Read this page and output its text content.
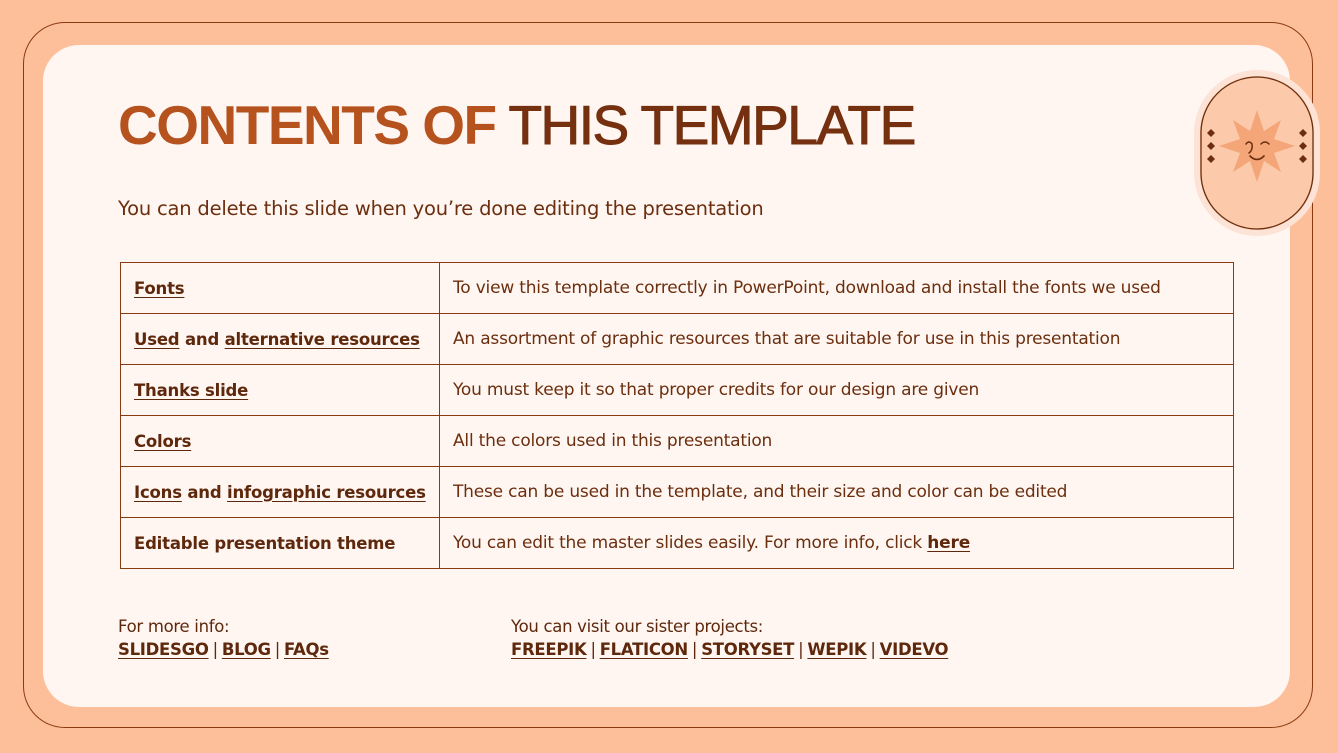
CONTENTS OF THIS TEMPLATE
You can delete this slide when you’re done editing the presentation
Fonts	To view this template correctly in PowerPoint, download and install the fonts we used
Used and alternative resources	An assortment of graphic resources that are suitable for use in this presentation
Thanks slide	You must keep it so that proper credits for our design are given
Colors	All the colors used in this presentation
Icons and infographic resources	These can be used in the template, and their size and color can be edited
Editable presentation theme	You can edit the master slides easily. For more info, click here
For more info:
SLIDESGO | BLOG | FAQs
You can visit our sister projects:
FREEPIK | FLATICON | STORYSET | WEPIK | VIDEVO
